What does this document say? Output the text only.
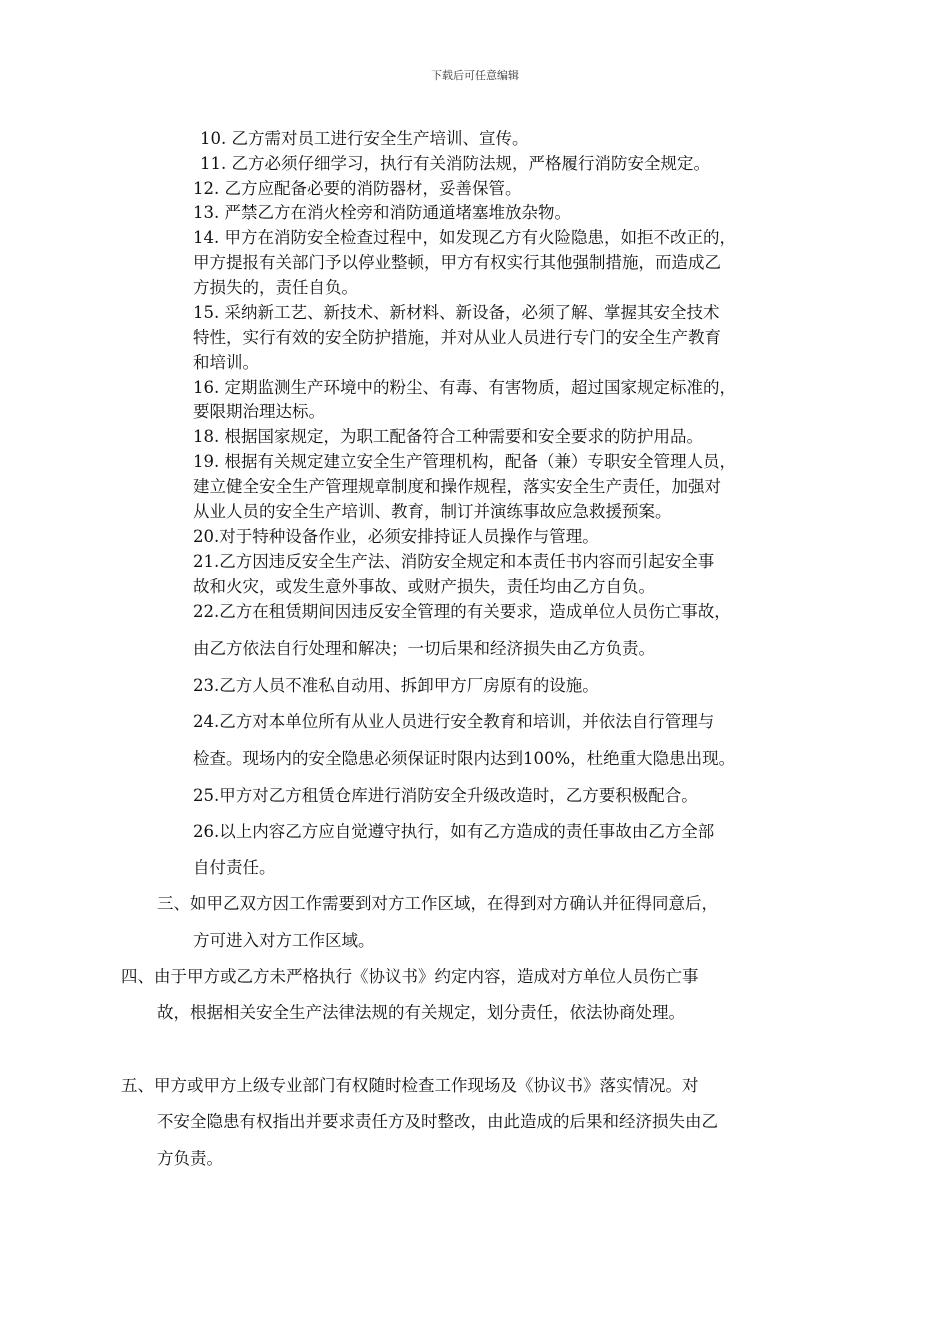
下载后可任意编辑
10. 乙方需对员工进行安全生产培训、宣传。
11. 乙方必须仔细学习，执行有关消防法规，严格履行消防安全规定。
12. 乙方应配备必要的消防器材，妥善保管。
13. 严禁乙方在消火栓旁和消防通道堵塞堆放杂物。
14. 甲方在消防安全检查过程中，如发现乙方有火险隐患，如拒不改正的，
甲方提报有关部门予以停业整顿，甲方有权实行其他强制措施，而造成乙
方损失的，责任自负。
15. 采纳新工艺、新技术、新材料、新设备，必须了解、掌握其安全技术
特性，实行有效的安全防护措施，并对从业人员进行专门的安全生产教育
和培训。
16. 定期监测生产环境中的粉尘、有毒、有害物质，超过国家规定标准的，
要限期治理达标。
18. 根据国家规定，为职工配备符合工种需要和安全要求的防护用品。
19. 根据有关规定建立安全生产管理机构，配备（兼）专职安全管理人员，
建立健全安全生产管理规章制度和操作规程，落实安全生产责任，加强对
从业人员的安全生产培训、教育，制订并演练事故应急救援预案。
20.对于特种设备作业，必须安排持证人员操作与管理。
21.乙方因违反安全生产法、消防安全规定和本责任书内容而引起安全事
故和火灾，或发生意外事故、或财产损失，责任均由乙方自负。
22.乙方在租赁期间因违反安全管理的有关要求，造成单位人员伤亡事故，
由乙方依法自行处理和解决；一切后果和经济损失由乙方负责。
23.乙方人员不准私自动用、拆卸甲方厂房原有的设施。
24.乙方对本单位所有从业人员进行安全教育和培训，并依法自行管理与
检查。现场内的安全隐患必须保证时限内达到100%，杜绝重大隐患出现。
25.甲方对乙方租赁仓库进行消防安全升级改造时，乙方要积极配合。
26.以上内容乙方应自觉遵守执行，如有乙方造成的责任事故由乙方全部
自付责任。
三、如甲乙双方因工作需要到对方工作区域，在得到对方确认并征得同意后，
方可进入对方工作区域。
四、由于甲方或乙方未严格执行《协议书》约定内容，造成对方单位人员伤亡事
故，根据相关安全生产法律法规的有关规定，划分责任，依法协商处理。
五、甲方或甲方上级专业部门有权随时检查工作现场及《协议书》落实情况。对
不安全隐患有权指出并要求责任方及时整改，由此造成的后果和经济损失由乙
方负责。
